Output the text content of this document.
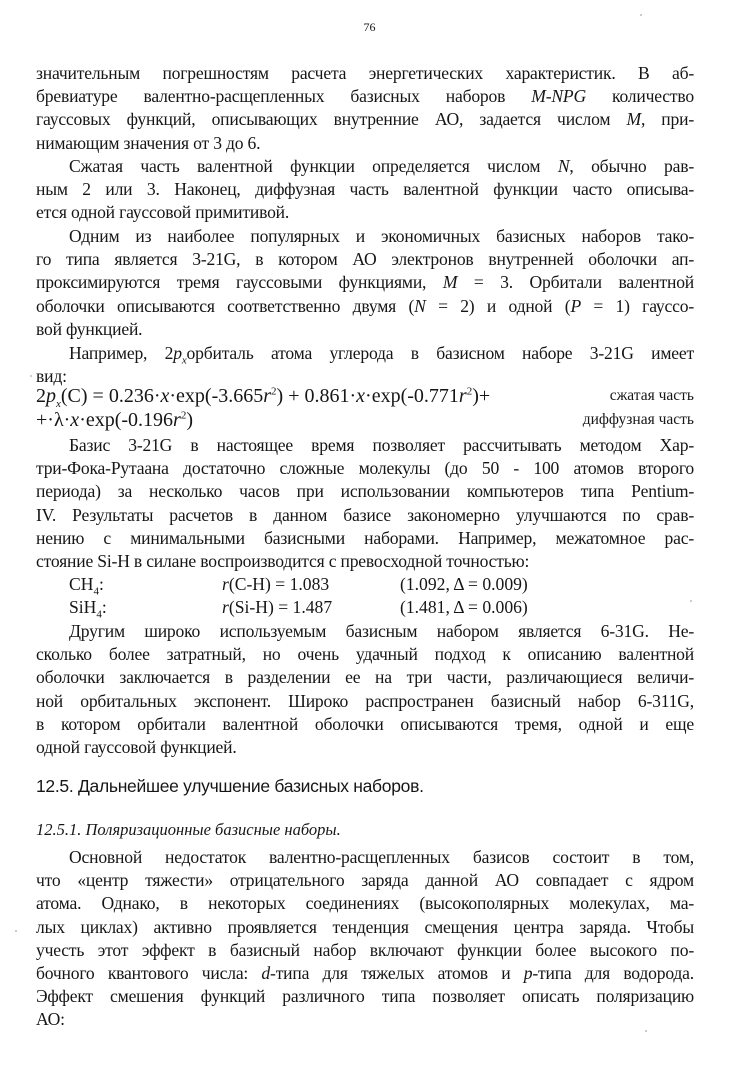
76
значительным погрешностям расчета энергетических характеристик. В аб-
бревиатуре валентно-расщепленных базисных наборов M-NPG количество
гауссовых функций, описывающих внутренние АО, задается числом M, при-
нимающим значения от 3 до 6.
Сжатая часть валентной функции определяется числом N, обычно рав-
ным 2 или 3. Наконец, диффузная часть валентной функции часто описыва-
ется одной гауссовой примитивой.
Одним из наиболее популярных и экономичных базисных наборов тако-
го типа является 3-21G, в котором АО электронов внутренней оболочки ап-
проксимируются тремя гауссовыми функциями, M = 3. Орбитали валентной
оболочки описываются соответственно двумя (N = 2) и одной (P = 1) гауссо-
вой функцией.
Например, $2p_xорбиталь$ атома углерода в базисном наборе 3-21G имеет
вид:
$2p_x(C) = 0.236\cdot x\cdot\exp(-3.665r^2) + 0.861\cdot x\cdot\exp(-0.771r^2)+$	сжатая часть
$+\cdot\lambda\cdot x\cdot\exp(-0.196r^2)$	диффузная часть
Базис 3-21G в настоящее время позволяет рассчитывать методом Хар-
три-Фока-Рутаана достаточно сложные молекулы (до 50 - 100 атомов второго
периода) за несколько часов при использовании компьютеров типа Pentium-
IV. Результаты расчетов в данном базисе закономерно улучшаются по срав-
нению с минимальными базисными наборами. Например, межатомное рас-
стояние Si-H в силане воспроизводится с превосходной точностью:
$CH_4$:	r(C-H) = 1.083	(1.092, Δ = 0.009)
SiH$_4$:	r(Si-H) = 1.487	(1.481, Δ = 0.006)
Другим широко используемым базисным набором является 6-31G. Не-
сколько более затратный, но очень удачный подход к описанию валентной
оболочки заключается в разделении ее на три части, различающиеся величи-
ной орбитальных экспонент. Широко распространен базисный набор 6-311G,
в котором орбитали валентной оболочки описываются тремя, одной и еще
одной гауссовой функцией.
12.5. Дальнейшее улучшение базисных наборов.
12.5.1. Поляризационные базисные наборы.
Основной недостаток валентно-расщепленных базисов состоит в том,
что «центр тяжести» отрицательного заряда данной АО совпадает с ядром
атома. Однако, в некоторых соединениях (высокополярных молекулах, ма-
лых циклах) активно проявляется тенденция смещения центра заряда. Чтобы
учесть этот эффект в базисный набор включают функции более высокого по-
бочного квантового числа: d-типа для тяжелых атомов и p-типа для водорода.
Эффект смешения функций различного типа позволяет описать поляризацию
АО:
